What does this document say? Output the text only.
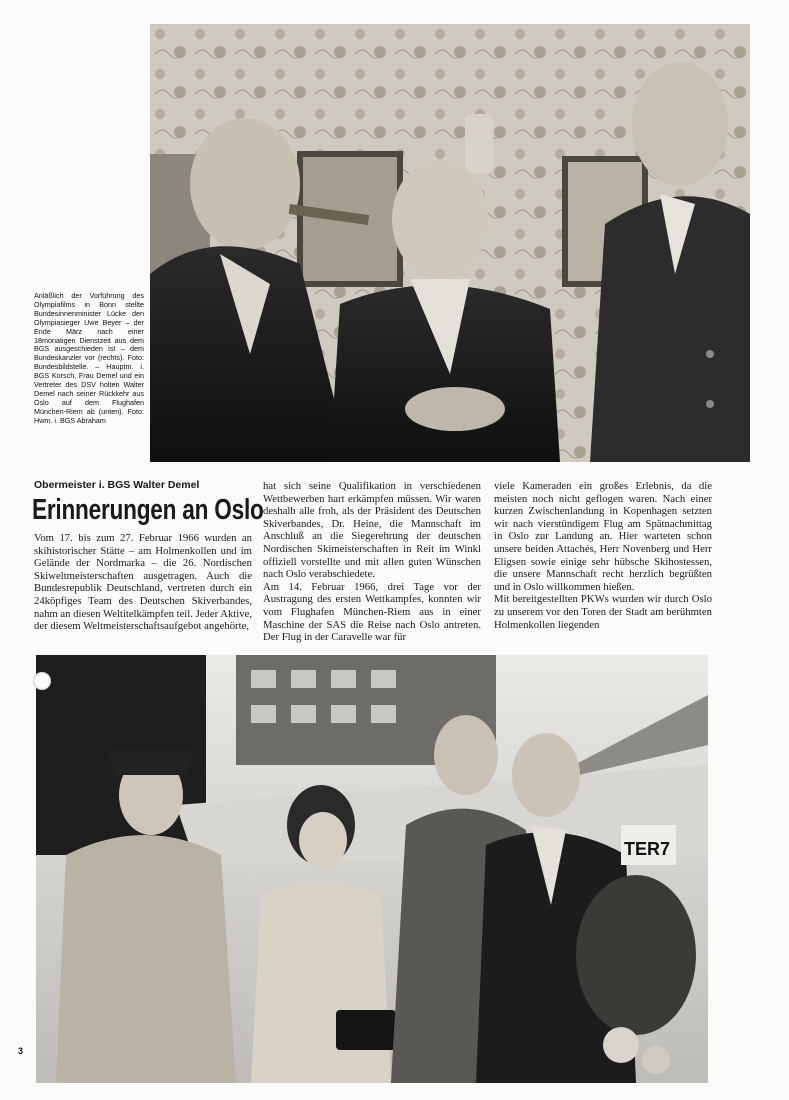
Anläßlich der Vorführung des Olympiafilms in Bonn stellte Bundesinnenminister Lücke den Olympiasieger Uwe Beyer – der Ende März nach einer 18monatigen Dienstzeit aus dem BGS ausgeschieden ist – dem Bundeskanzler vor (rechts). Foto: Bundesbildstelle. – Hauptm. i. BGS Korsch, Frau Demel und ein Vertreter des DSV holten Walter Demel nach seiner Rückkehr aus Oslo auf dem Flughafen München-Riem ab (unten). Foto: Hwm. i. BGS Abraham
Obermeister i. BGS Walter Demel
Erinnerungen an Oslo

Vom 17. bis zum 27. Februar 1966 wurden an skihistorischer Stätte – am Holmenkollen und im Gelände der Nordmarka – die 26. Nordischen Skiweltmeisterschaften ausgetragen. Auch die Bundesrepublik Deutschland, vertreten durch ein 24köpfiges Team des Deutschen Skiverbandes, nahm an diesen Weltitelkämpfen teil. Jeder Aktive, der diesem Weltmeisterschaftsaufgebot angehörte,

hat sich seine Qualifikation in verschiedenen Wettbewerben hart erkämpfen müssen. Wir waren deshalb alle froh, als der Präsident des Deutschen Skiverbandes, Dr. Heine, die Mannschaft im Anschluß an die Siegerehrung der deutschen Nordischen Skimeisterschaften in Reit im Winkl offiziell vorstellte und mit allen guten Wünschen nach Oslo verabschiedete.

Am 14. Februar 1966, drei Tage vor der Austragung des ersten Wettkampfes, konnten wir vom Flughafen München-Riem aus in einer Maschine der SAS die Reise nach Oslo antreten. Der Flug in der Caravelle war für

viele Kameraden ein großes Erlebnis, da die meisten noch nicht geflogen waren. Nach einer kurzen Zwischenlandung in Kopenhagen setzten wir nach vierstündigem Flug am Spätnachmittag in Oslo zur Landung an. Hier warteten schon unsere beiden Attachés, Herr Novenberg und Herr Eligsen sowie einige sehr hübsche Skihostessen, die unsere Mannschaft recht herzlich begrüßten und in Oslo willkommen hießen.

Mit bereitgestellten PKWs wurden wir durch Oslo zu unserem vor den Toren der Stadt am berühmten Holmenkollen liegenden

TER7
3
